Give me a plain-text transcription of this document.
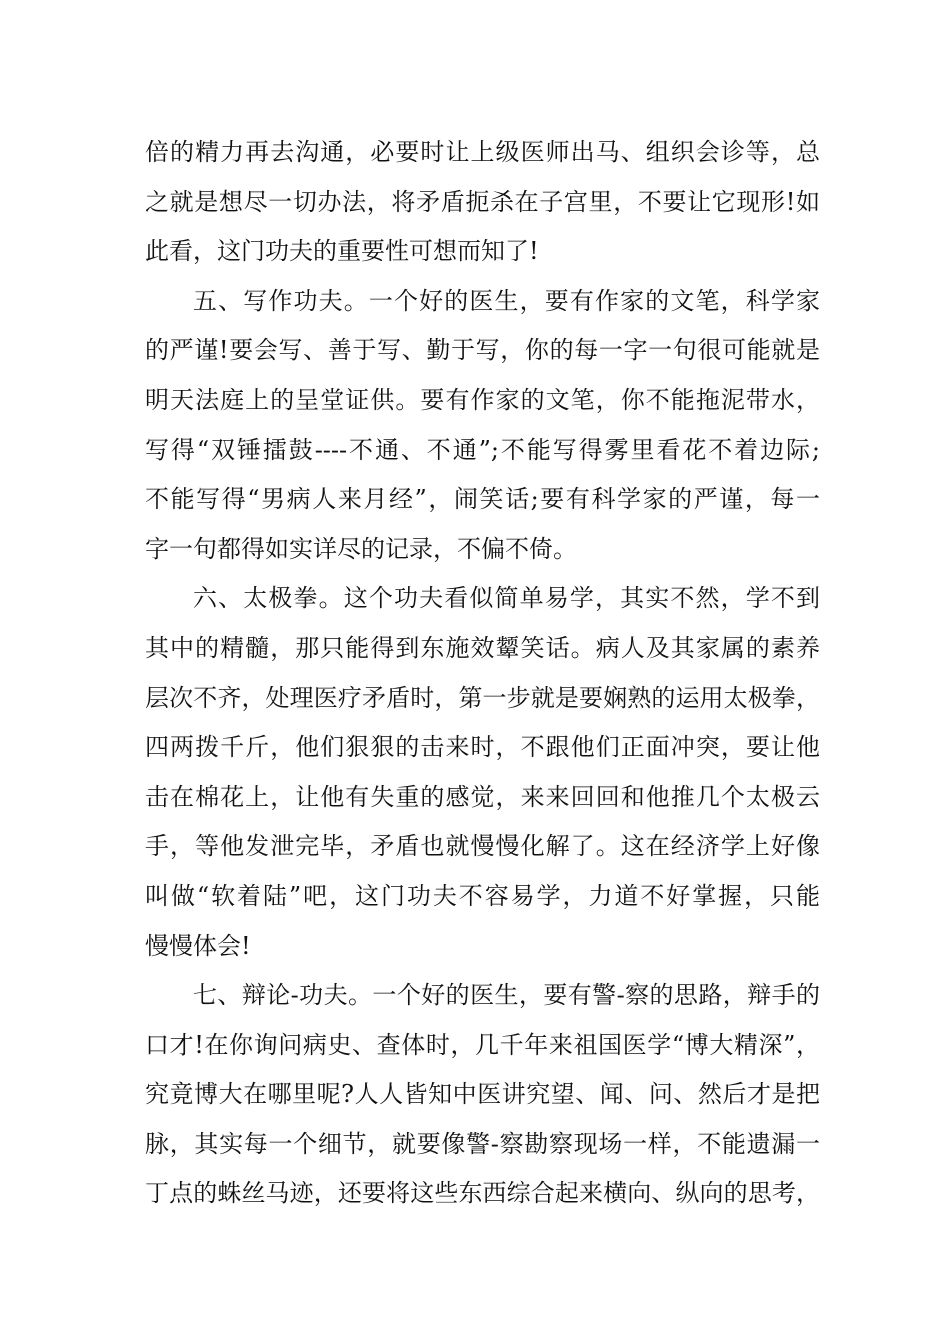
倍的精力再去沟通，必要时让上级医师出马、组织会诊等，总
之就是想尽一切办法，将矛盾扼杀在子宫里，不要让它现形!如
此看，这门功夫的重要性可想而知了!
五、写作功夫。一个好的医生，要有作家的文笔，科学家
的严谨!要会写、善于写、勤于写，你的每一字一句很可能就是
明天法庭上的呈堂证供。要有作家的文笔，你不能拖泥带水，
写得“双锤擂鼓----不通、不通”;不能写得雾里看花不着边际;
不能写得“男病人来月经”，闹笑话;要有科学家的严谨，每一
字一句都得如实详尽的记录，不偏不倚。
六、太极拳。这个功夫看似简单易学，其实不然，学不到
其中的精髓，那只能得到东施效颦笑话。病人及其家属的素养
层次不齐，处理医疗矛盾时，第一步就是要娴熟的运用太极拳，
四两拨千斤，他们狠狠的击来时，不跟他们正面冲突，要让他
击在棉花上，让他有失重的感觉，来来回回和他推几个太极云
手，等他发泄完毕，矛盾也就慢慢化解了。这在经济学上好像
叫做“软着陆”吧，这门功夫不容易学，力道不好掌握，只能
慢慢体会!
七、辩论-功夫。一个好的医生，要有警-察的思路，辩手的
口才!在你询问病史、查体时，几千年来祖国医学“博大精深”，
究竟博大在哪里呢?人人皆知中医讲究望、闻、问、然后才是把
脉，其实每一个细节，就要像警-察勘察现场一样，不能遗漏一
丁点的蛛丝马迹，还要将这些东西综合起来横向、纵向的思考，
